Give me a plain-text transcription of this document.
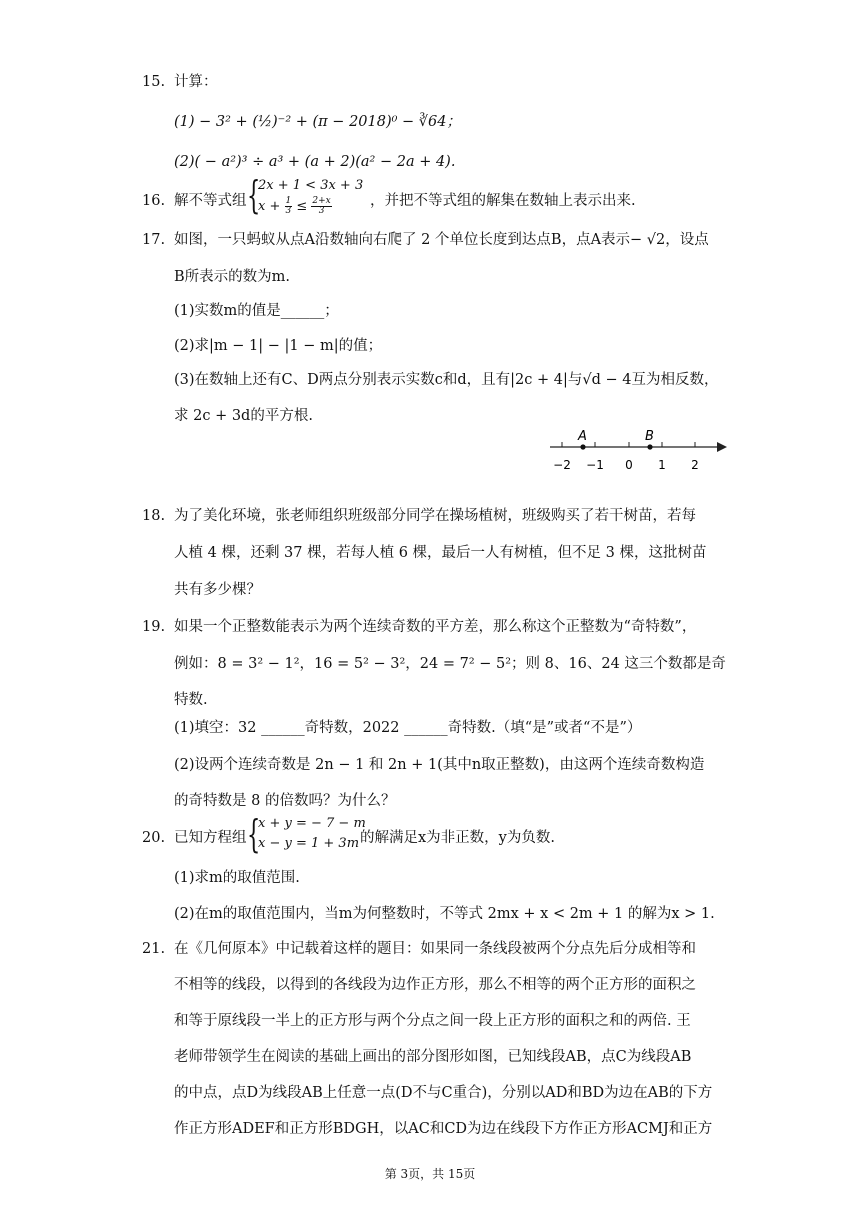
15. 计算：
(1) − 3² + (½)⁻² + (π − 2018)⁰ − ∛64；
(2)( − a²)³ ÷ a³ + (a + 2)(a² − 2a + 4).
16. 解不等式组 {
2x + 1 < 3x + 3
$x + \frac{1}{3} \le \frac{2+x}{3}$	，并把不等式组的解集在数轴上表示出来.
17. 如图，一只蚂蚁从点A沿数轴向右爬了 2 个单位长度到达点B，点A表示− √2，设点
B所表示的数为m.
(1)实数m的值是______；
(2)求|m − 1| − |1 − m|的值；
(3)在数轴上还有C、D两点分别表示实数c和d，且有|2c + 4|与√d − 4互为相反数，
求 2c + 3d的平方根.
A	B
−2 −1 0 1 2
18. 为了美化环境，张老师组织班级部分同学在操场植树，班级购买了若干树苗，若每
人植 4 棵，还剩 37 棵，若每人植 6 棵，最后一人有树植，但不足 3 棵，这批树苗
共有多少棵？
19. 如果一个正整数能表示为两个连续奇数的平方差，那么称这个正整数为“奇特数”，
例如：8 = 3² − 1²，16 = 5² − 3²，24 = 7² − 5²；则 8、16、24 这三个数都是奇
特数.
(1)填空：32 ______奇特数，2022 ______奇特数.（填“是”或者“不是”）
(2)设两个连续奇数是 2n − 1 和 2n + 1(其中n取正整数)，由这两个连续奇数构造
的奇特数是 8 的倍数吗？为什么？
20. 已知方程组 {
x + y = − 7 − m
x − y = 1 + 3m 的解满足x为非正数，y为负数.
(1)求m的取值范围.
(2)在m的取值范围内，当m为何整数时，不等式 2mx + x < 2m + 1 的解为x > 1.
21. 在《几何原本》中记载着这样的题目：如果同一条线段被两个分点先后分成相等和
不相等的线段，以得到的各线段为边作正方形，那么不相等的两个正方形的面积之
和等于原线段一半上的正方形与两个分点之间一段上正方形的面积之和的两倍. 王
老师带领学生在阅读的基础上画出的部分图形如图，已知线段AB，点C为线段AB
的中点，点D为线段AB上任意一点(D不与C重合)，分别以AD和BD为边在AB的下方
作正方形ADEF和正方形BDGH，以AC和CD为边在线段下方作正方形ACMJ和正方
第 3页，共 15页
